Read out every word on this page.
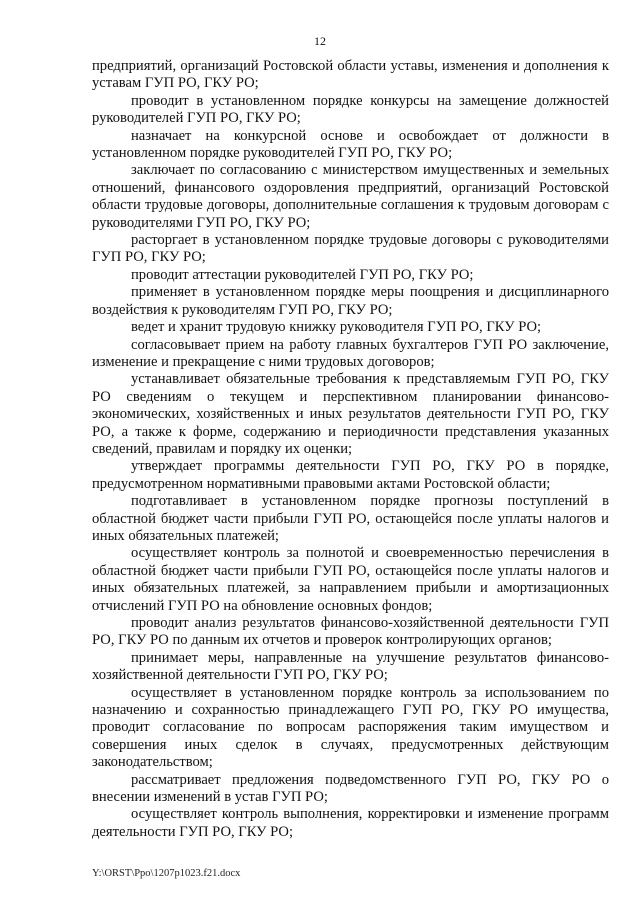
12

предприятий, организаций Ростовской области уставы, изменения и дополнения к уставам ГУП РО, ГКУ РО;

проводит в установленном порядке конкурсы на замещение должностей руководителей ГУП РО, ГКУ РО;

назначает на конкурсной основе и освобождает от должности в установленном порядке руководителей ГУП РО, ГКУ РО;

заключает по согласованию с министерством имущественных и земельных отношений, финансового оздоровления предприятий, организаций Ростовской области трудовые договоры, дополнительные соглашения к трудовым договорам с руководителями ГУП РО, ГКУ РО;

расторгает в установленном порядке трудовые договоры с руководителями ГУП РО, ГКУ РО;

проводит аттестации руководителей ГУП РО, ГКУ РО;

применяет в установленном порядке меры поощрения и дисциплинарного воздействия к руководителям ГУП РО, ГКУ РО;

ведет и хранит трудовую книжку руководителя ГУП РО, ГКУ РО;

согласовывает прием на работу главных бухгалтеров ГУП РО заключение, изменение и прекращение с ними трудовых договоров;

устанавливает обязательные требования к представляемым ГУП РО, ГКУ РО сведениям о текущем и перспективном планировании финансово-экономических, хозяйственных и иных результатов деятельности ГУП РО, ГКУ РО, а также к форме, содержанию и периодичности представления указанных сведений, правилам и порядку их оценки;

утверждает программы деятельности ГУП РО, ГКУ РО в порядке, предусмотренном нормативными правовыми актами Ростовской области;

подготавливает в установленном порядке прогнозы поступлений в областной бюджет части прибыли ГУП РО, остающейся после уплаты налогов и иных обязательных платежей;

осуществляет контроль за полнотой и своевременностью перечисления в областной бюджет части прибыли ГУП РО, остающейся после уплаты налогов и иных обязательных платежей, за направлением прибыли и амортизационных отчислений ГУП РО на обновление основных фондов;

проводит анализ результатов финансово-хозяйственной деятельности ГУП РО, ГКУ РО по данным их отчетов и проверок контролирующих органов;

принимает меры, направленные на улучшение результатов финансово-хозяйственной деятельности ГУП РО, ГКУ РО;

осуществляет в установленном порядке контроль за использованием по назначению и сохранностью принадлежащего ГУП РО, ГКУ РО имущества, проводит согласование по вопросам распоряжения таким имуществом и совершения иных сделок в случаях, предусмотренных действующим законодательством;

рассматривает предложения подведомственного ГУП РО, ГКУ РО о внесении изменений в устав ГУП РО;

осуществляет контроль выполнения, корректировки и изменение программ деятельности ГУП РО, ГКУ РО;

Y:\ORST\Ppo\1207p1023.f21.docx
